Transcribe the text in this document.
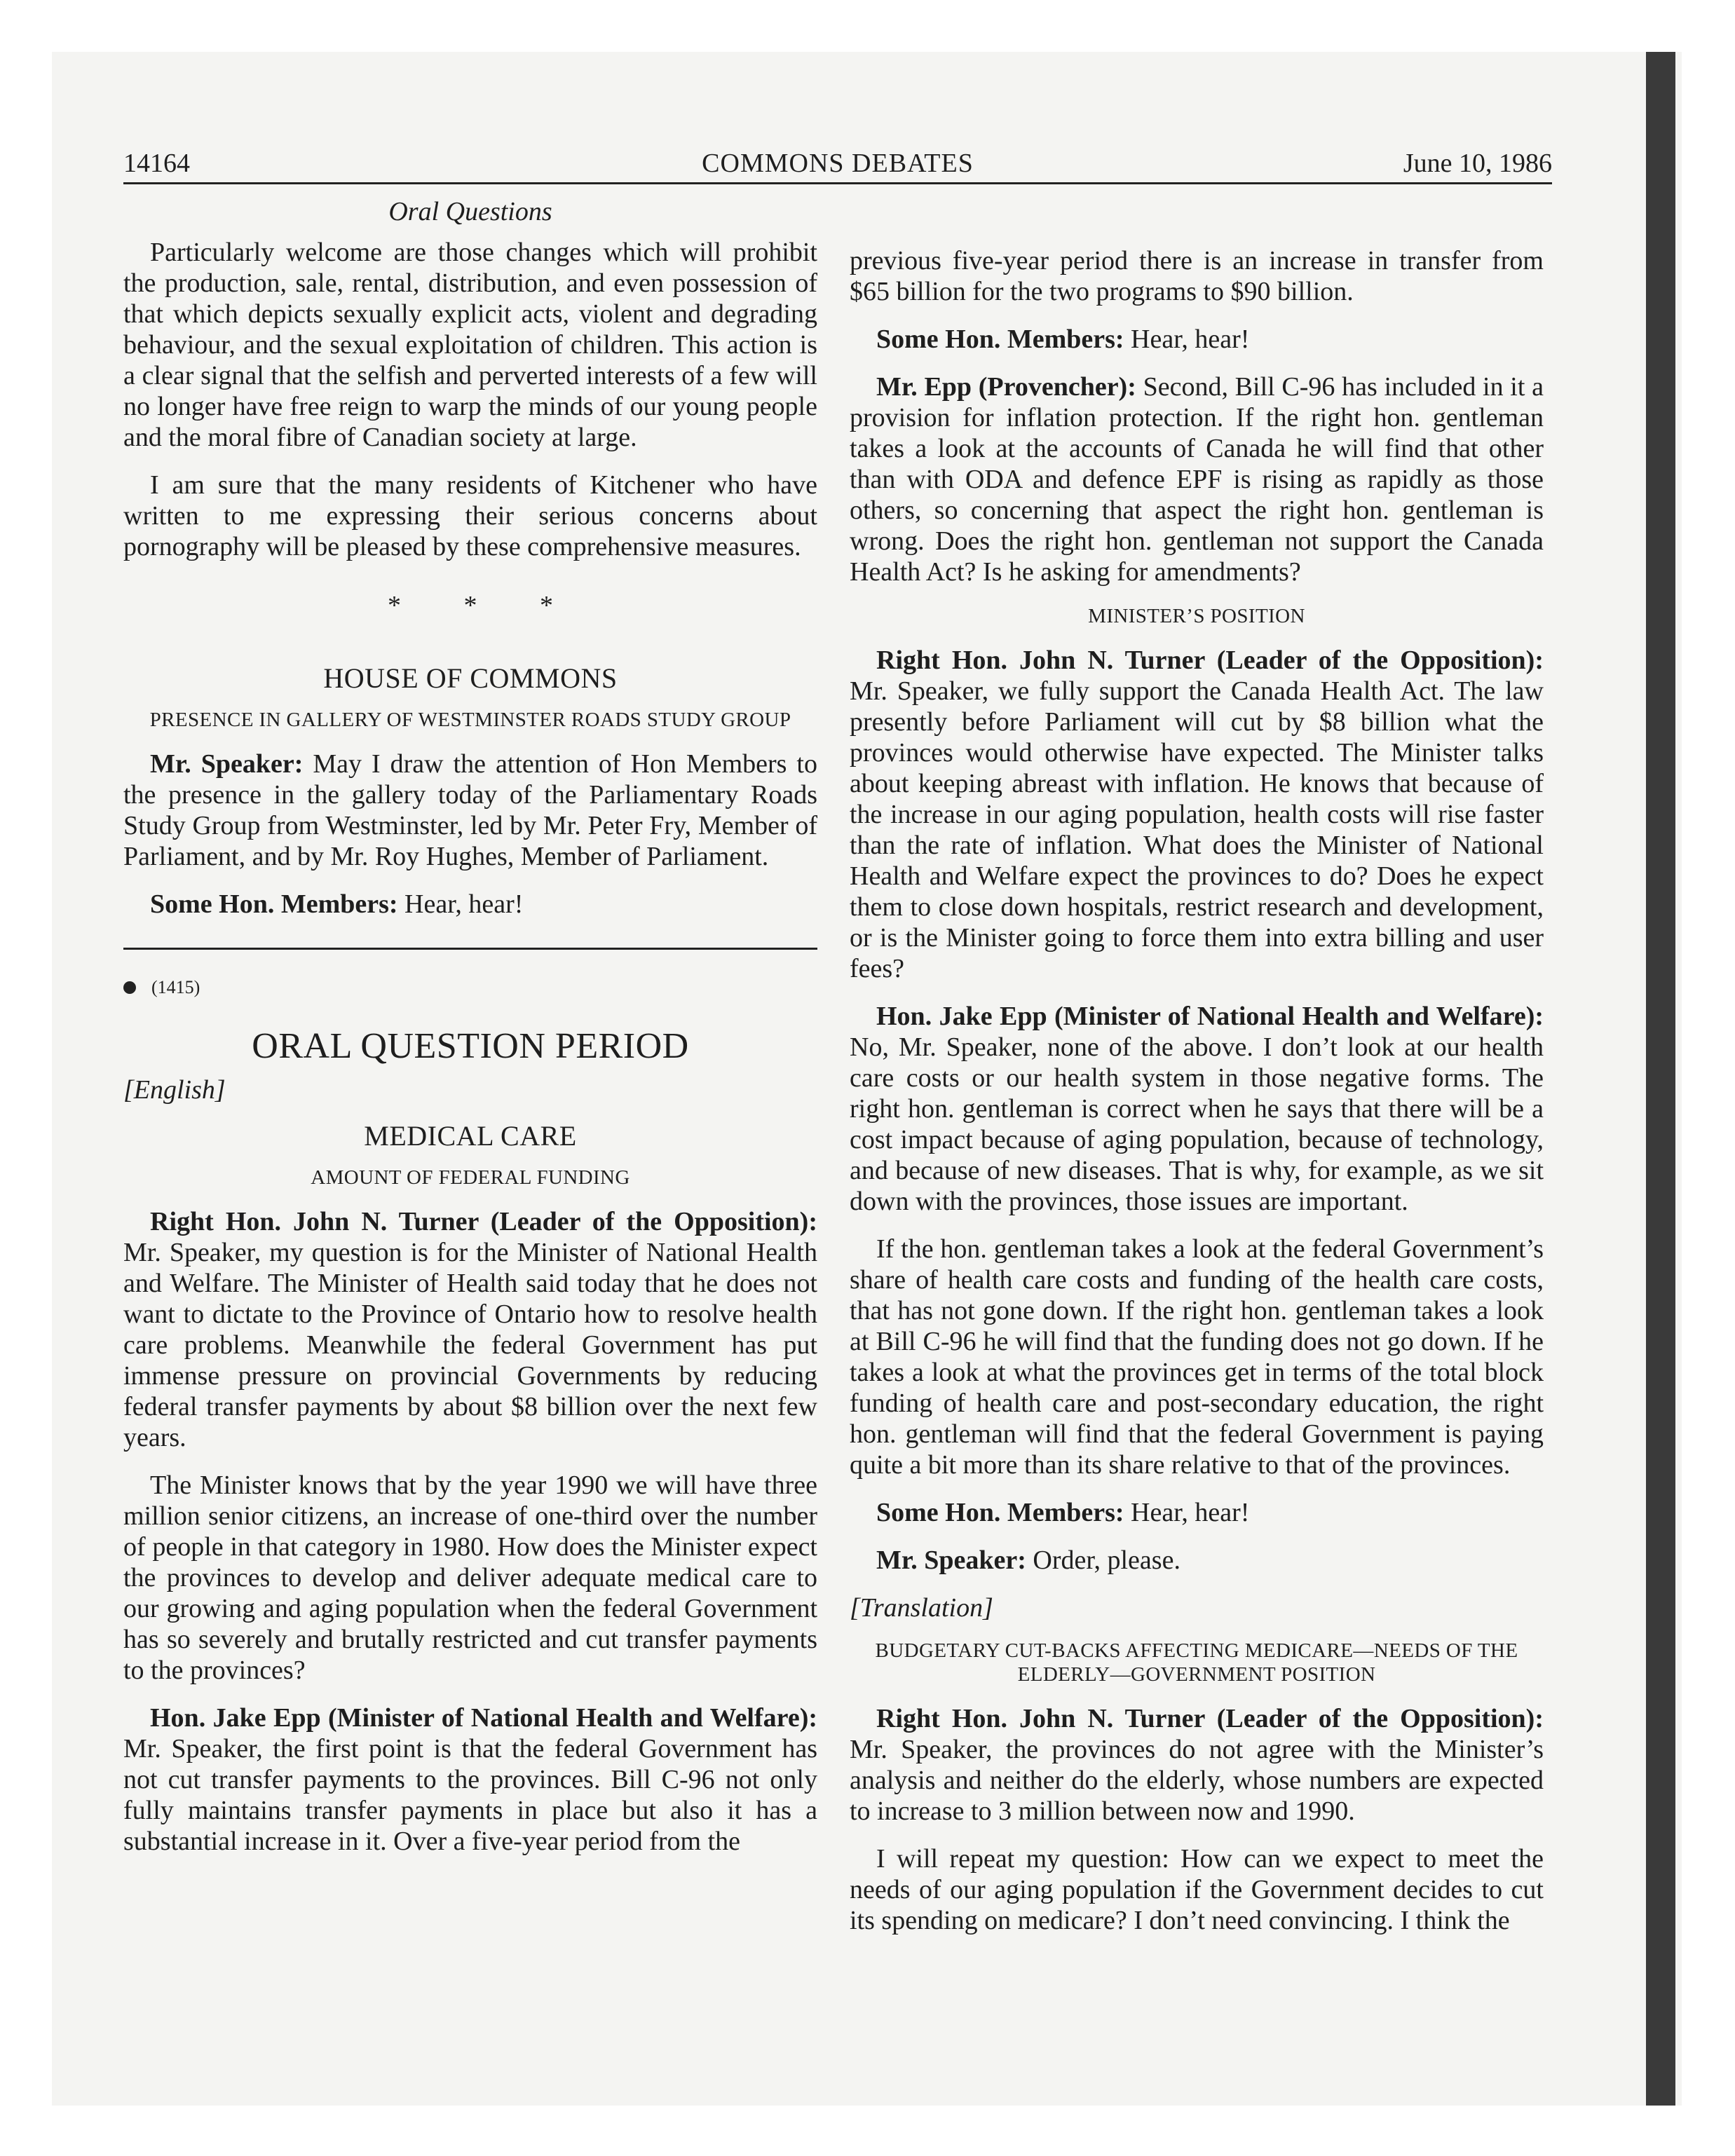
14164	COMMONS DEBATES	June 10, 1986
Oral Questions

Particularly welcome are those changes which will prohibit the production, sale, rental, distribution, and even possession of that which depicts sexually explicit acts, violent and degrading behaviour, and the sexual exploitation of children. This action is a clear signal that the selfish and perverted interests of a few will no longer have free reign to warp the minds of our young people and the moral fibre of Canadian society at large.

I am sure that the many residents of Kitchener who have written to me expressing their serious concerns about pornography will be pleased by these comprehensive measures.

* * *
HOUSE OF COMMONS
PRESENCE IN GALLERY OF WESTMINSTER ROADS STUDY GROUP

Mr. Speaker: May I draw the attention of Hon Members to the presence in the gallery today of the Parliamentary Roads Study Group from Westminster, led by Mr. Peter Fry, Member of Parliament, and by Mr. Roy Hughes, Member of Parliament.

Some Hon. Members: Hear, hear!

(1415)
ORAL QUESTION PERIOD
[English]
MEDICAL CARE
AMOUNT OF FEDERAL FUNDING

Right Hon. John N. Turner (Leader of the Opposition): Mr. Speaker, my question is for the Minister of National Health and Welfare. The Minister of Health said today that he does not want to dictate to the Province of Ontario how to resolve health care problems. Meanwhile the federal Government has put immense pressure on provincial Governments by reducing federal transfer payments by about $8 billion over the next few years.

The Minister knows that by the year 1990 we will have three million senior citizens, an increase of one-third over the number of people in that category in 1980. How does the Minister expect the provinces to develop and deliver adequate medical care to our growing and aging population when the federal Government has so severely and brutally restricted and cut transfer payments to the provinces?

Hon. Jake Epp (Minister of National Health and Welfare): Mr. Speaker, the first point is that the federal Government has not cut transfer payments to the provinces. Bill C-96 not only fully maintains transfer payments in place but also it has a substantial increase in it. Over a five-year period from the

previous five-year period there is an increase in transfer from $65 billion for the two programs to $90 billion.

Some Hon. Members: Hear, hear!

Mr. Epp (Provencher): Second, Bill C-96 has included in it a provision for inflation protection. If the right hon. gentleman takes a look at the accounts of Canada he will find that other than with ODA and defence EPF is rising as rapidly as those others, so concerning that aspect the right hon. gentleman is wrong. Does the right hon. gentleman not support the Canada Health Act? Is he asking for amendments?

MINISTER’S POSITION

Right Hon. John N. Turner (Leader of the Opposition): Mr. Speaker, we fully support the Canada Health Act. The law presently before Parliament will cut by $8 billion what the provinces would otherwise have expected. The Minister talks about keeping abreast with inflation. He knows that because of the increase in our aging population, health costs will rise faster than the rate of inflation. What does the Minister of National Health and Welfare expect the provinces to do? Does he expect them to close down hospitals, restrict research and development, or is the Minister going to force them into extra billing and user fees?

Hon. Jake Epp (Minister of National Health and Welfare): No, Mr. Speaker, none of the above. I don’t look at our health care costs or our health system in those negative forms. The right hon. gentleman is correct when he says that there will be a cost impact because of aging population, because of technology, and because of new diseases. That is why, for example, as we sit down with the provinces, those issues are important.

If the hon. gentleman takes a look at the federal Government’s share of health care costs and funding of the health care costs, that has not gone down. If the right hon. gentleman takes a look at Bill C-96 he will find that the funding does not go down. If he takes a look at what the provinces get in terms of the total block funding of health care and post-secondary education, the right hon. gentleman will find that the federal Government is paying quite a bit more than its share relative to that of the provinces.

Some Hon. Members: Hear, hear!

Mr. Speaker: Order, please.

[Translation]
BUDGETARY CUT-BACKS AFFECTING MEDICARE—NEEDS OF THE ELDERLY—GOVERNMENT POSITION

Right Hon. John N. Turner (Leader of the Opposition): Mr. Speaker, the provinces do not agree with the Minister’s analysis and neither do the elderly, whose numbers are expected to increase to 3 million between now and 1990.

I will repeat my question: How can we expect to meet the needs of our aging population if the Government decides to cut its spending on medicare? I don’t need convincing. I think the
